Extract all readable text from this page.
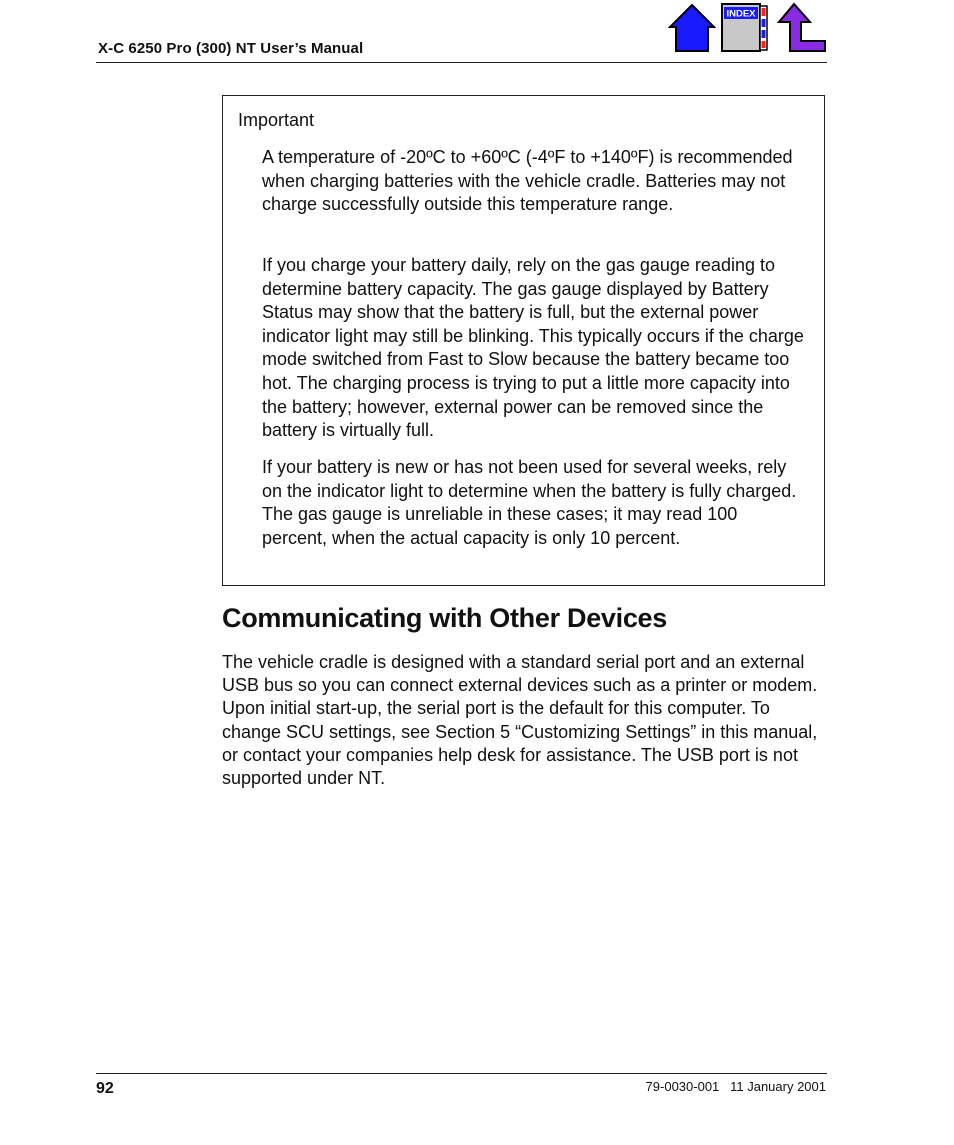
X-C 6250 Pro (300) NT User’s Manual
INDEX
Important
A temperature of -20ºC to +60ºC (-4ºF to +140ºF) is recommended when charging batteries with the vehicle cradle. Batteries may not charge successfully outside this temperature range.
If you charge your battery daily, rely on the gas gauge reading to determine battery capacity. The gas gauge displayed by Battery Status may show that the battery is full, but the external power indicator light may still be blinking. This typically occurs if the charge mode switched from Fast to Slow because the battery became too hot. The charging process is trying to put a little more capacity into the battery; however, external power can be removed since the battery is virtually full.
If your battery is new or has not been used for several weeks, rely on the indicator light to determine when the battery is fully charged. The gas gauge is unreliable in these cases; it may read 100 percent, when the actual capacity is only 10 percent.
Communicating with Other Devices
The vehicle cradle is designed with a standard serial port and an external USB bus so you can connect external devices such as a printer or modem. Upon initial start-up, the serial port is the default for this computer. To change SCU settings, see Section 5 “Customizing Settings” in this manual, or contact your companies help desk for assistance. The USB port is not supported under NT.
92	79-0030-001   11 January 2001
